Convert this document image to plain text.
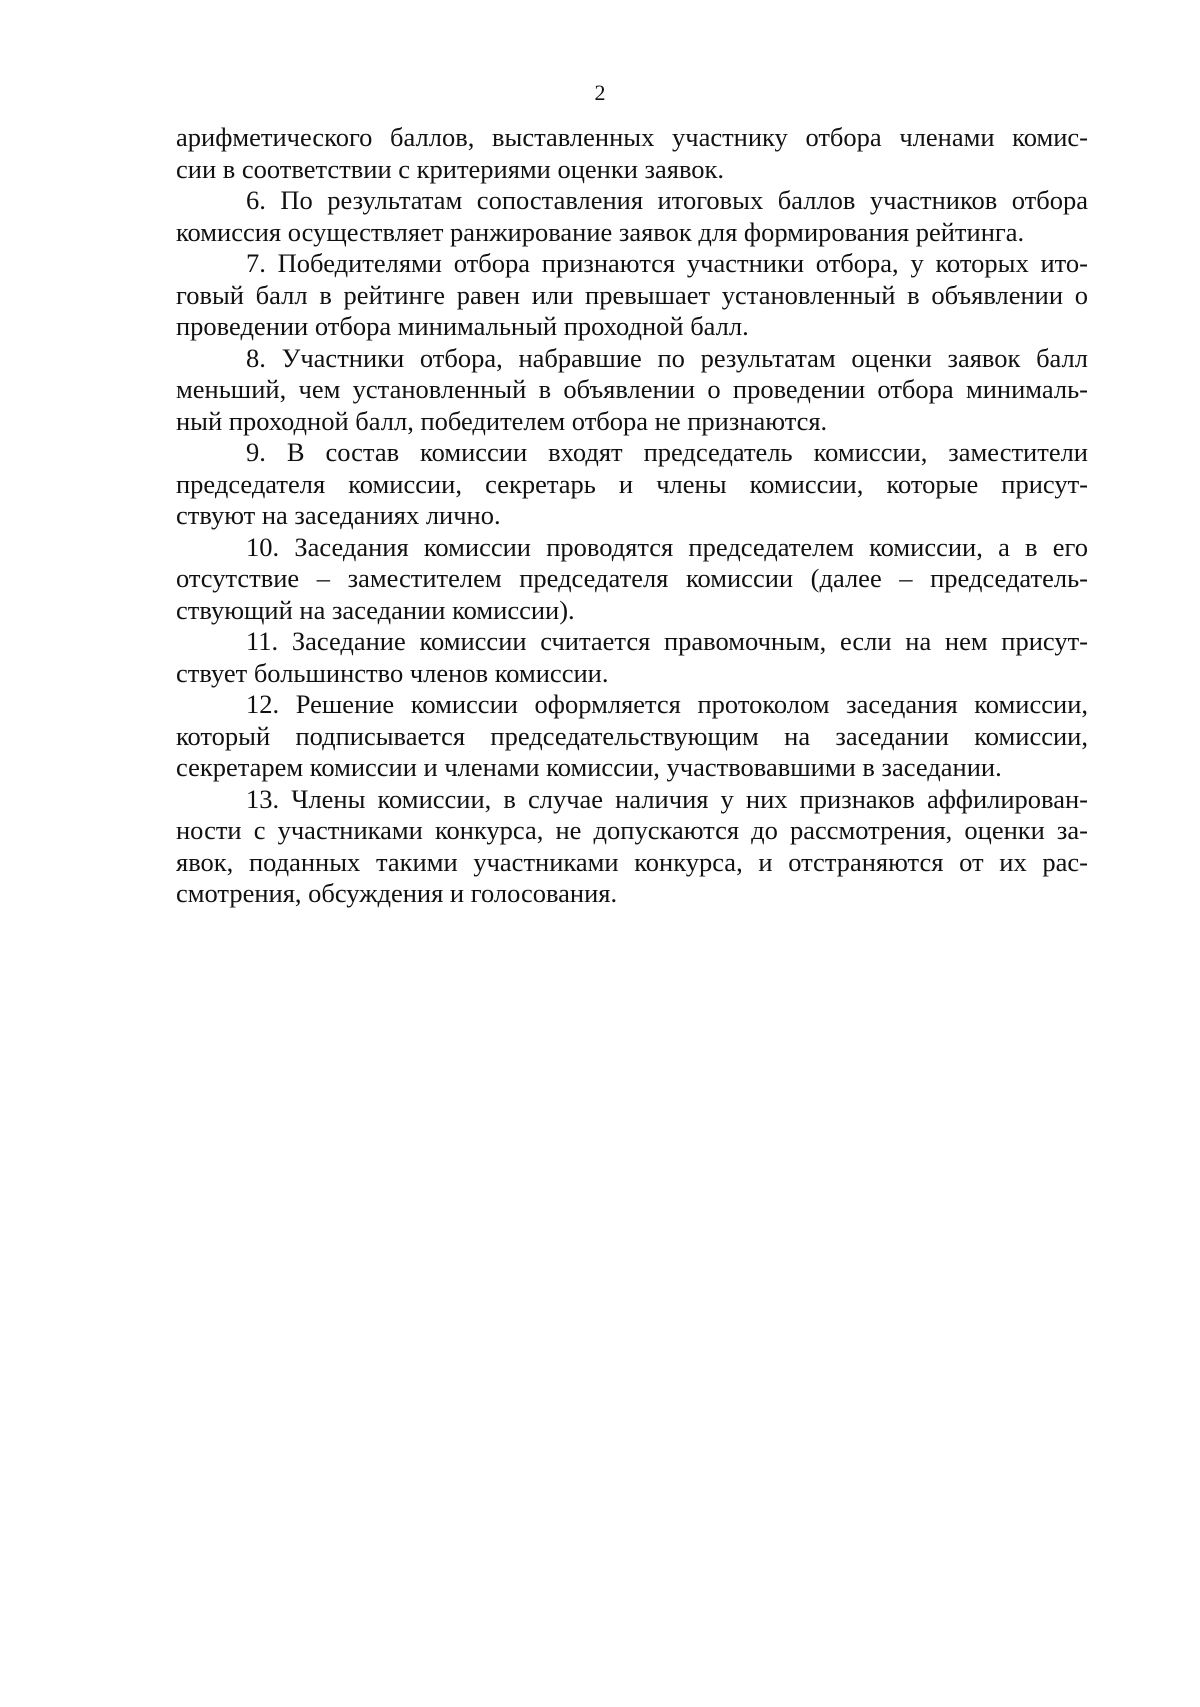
2
арифметического баллов, выставленных участнику отбора членами комис-
сии в соответствии с критериями оценки заявок.
6. По результатам сопоставления итоговых баллов участников отбора
комиссия осуществляет ранжирование заявок для формирования рейтинга.
7. Победителями отбора признаются участники отбора, у которых ито-
говый балл в рейтинге равен или превышает установленный в объявлении о
проведении отбора минимальный проходной балл.
8. Участники отбора, набравшие по результатам оценки заявок балл
меньший, чем установленный в объявлении о проведении отбора минималь-
ный проходной балл, победителем отбора не признаются.
9. В состав комиссии входят председатель комиссии, заместители
председателя комиссии, секретарь и члены комиссии, которые присут-
ствуют на заседаниях лично.
10. Заседания комиссии проводятся председателем комиссии, а в его
отсутствие – заместителем председателя комиссии (далее – председатель-
ствующий на заседании комиссии).
11. Заседание комиссии считается правомочным, если на нем присут-
ствует большинство членов комиссии.
12. Решение комиссии оформляется протоколом заседания комиссии,
который подписывается председательствующим на заседании комиссии,
секретарем комиссии и членами комиссии, участвовавшими в заседании.
13. Члены комиссии, в случае наличия у них признаков аффилирован-
ности с участниками конкурса, не допускаются до рассмотрения, оценки за-
явок, поданных такими участниками конкурса, и отстраняются от их рас-
смотрения, обсуждения и голосования.
